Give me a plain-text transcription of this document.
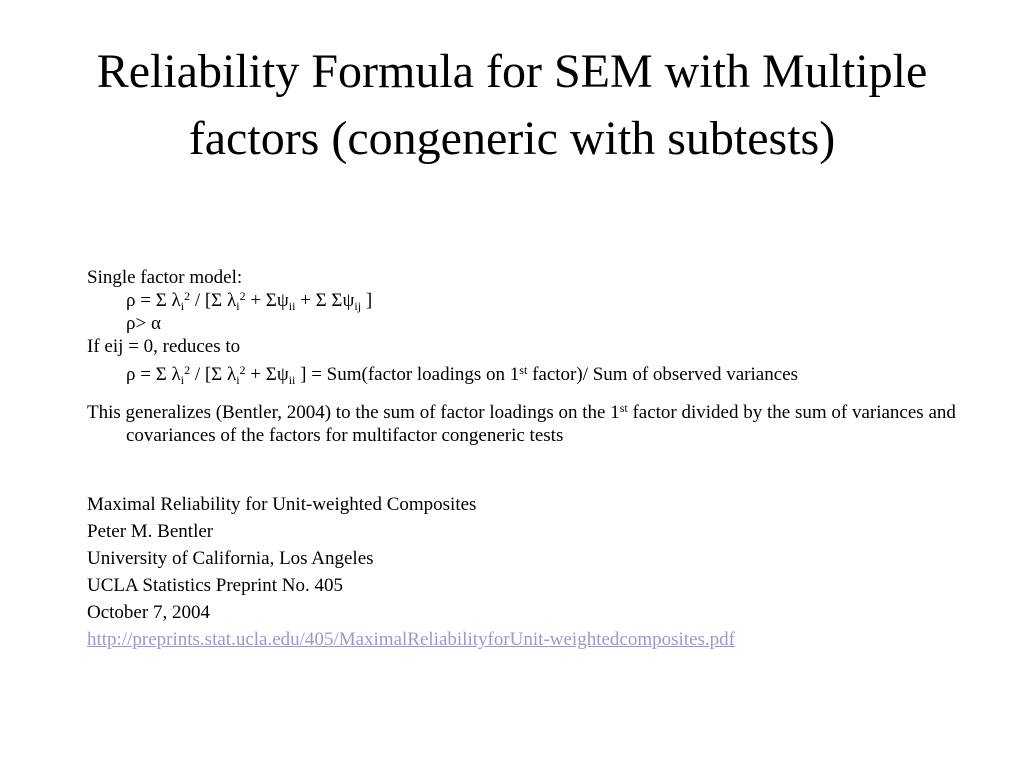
Reliability Formula for SEM with Multiple factors (congeneric with subtests)
Single factor model:
ρ = Σ $\lambda_i^2 / [\Sigma$ $\lambda_i^2 + \Sigma\psi_{ii} + \Sigma$ $\Sigma\psi_{ij}$ ]
ρ> α
If eij = 0, reduces to
ρ = Σ $\lambda_i^2 / [\Sigma$ $\lambda_i^2 + \Sigma\psi_{ii}$ ] = Sum(factor loadings on 1st factor)/ Sum of observed variances
This generalizes (Bentler, 2004) to the sum of factor loadings on the 1st factor divided by the sum of variances and covariances of the factors for multifactor congeneric tests
Maximal Reliability for Unit-weighted Composites
Peter M. Bentler
University of California, Los Angeles
UCLA Statistics Preprint No. 405
October 7, 2004
http://preprints.stat.ucla.edu/405/MaximalReliabilityforUnit-weightedcomposites.pdf
